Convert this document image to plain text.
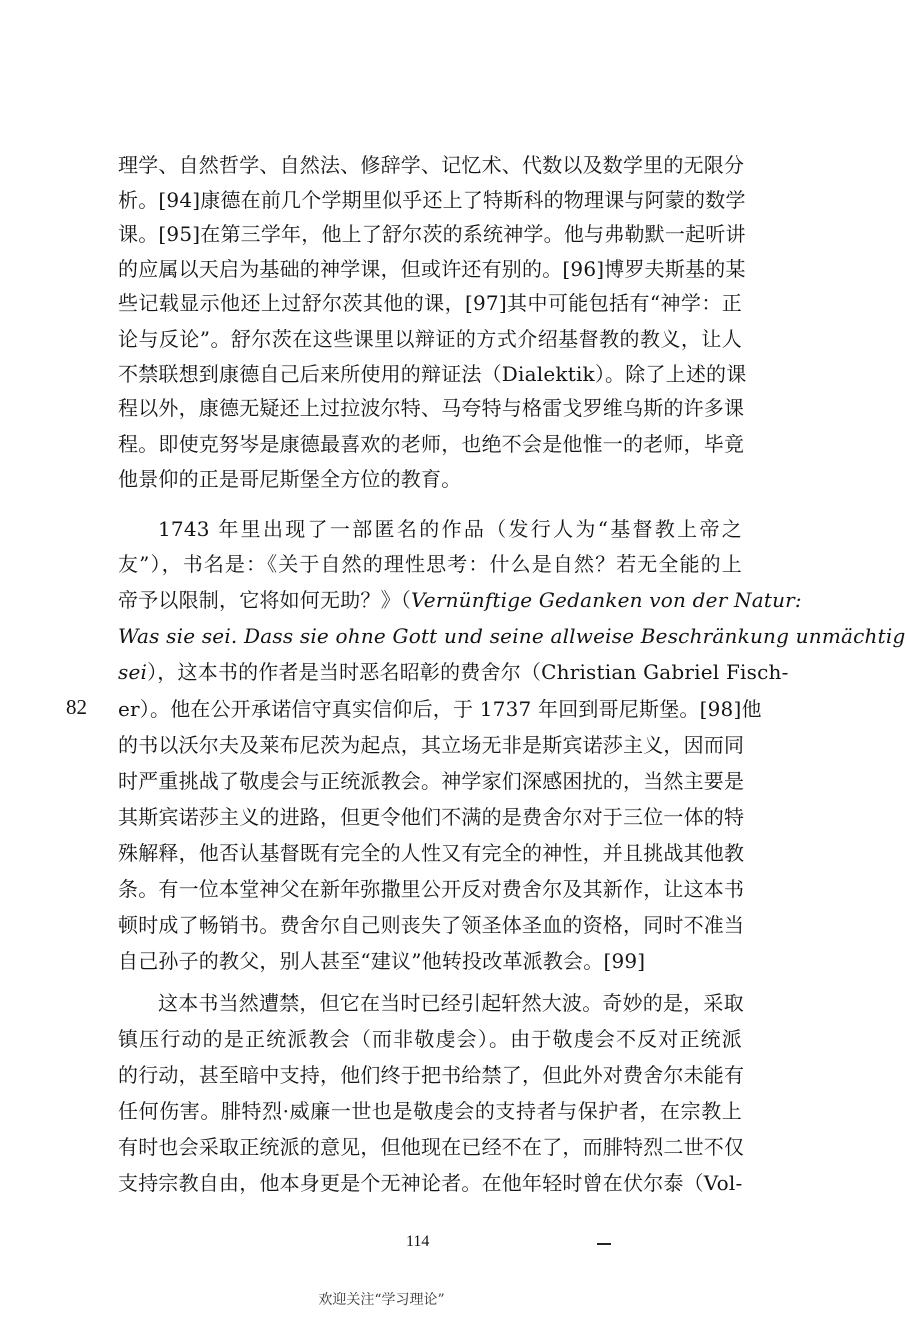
理学、自然哲学、自然法、修辞学、记忆术、代数以及数学里的无限分
析。[94]康德在前几个学期里似乎还上了特斯科的物理课与阿蒙的数学
课。[95]在第三学年，他上了舒尔茨的系统神学。他与弗勒默一起听讲
的应属以天启为基础的神学课，但或许还有别的。[96]博罗夫斯基的某
些记载显示他还上过舒尔茨其他的课，[97]其中可能包括有“神学：正
论与反论”。舒尔茨在这些课里以辩证的方式介绍基督教的教义，让人
不禁联想到康德自己后来所使用的辩证法（Dialektik）。除了上述的课
程以外，康德无疑还上过拉波尔特、马夸特与格雷戈罗维乌斯的许多课
程。即使克努岑是康德最喜欢的老师，也绝不会是他惟一的老师，毕竟
他景仰的正是哥尼斯堡全方位的教育。
1743 年里出现了一部匿名的作品（发行人为“基督教上帝之
友”），书名是：《关于自然的理性思考：什么是自然？若无全能的上
帝予以限制，它将如何无助？》（Vernünftige Gedanken von der Natur:
Was sie sei. Dass sie ohne Gott und seine allweise Beschränkung unmächtig
sei），这本书的作者是当时恶名昭彰的费舍尔（Christian Gabriel Fisch-
er）。他在公开承诺信守真实信仰后，于 1737 年回到哥尼斯堡。[98]他
的书以沃尔夫及莱布尼茨为起点，其立场无非是斯宾诺莎主义，因而同
时严重挑战了敬虔会与正统派教会。神学家们深感困扰的，当然主要是
其斯宾诺莎主义的进路，但更令他们不满的是费舍尔对于三位一体的特
殊解释，他否认基督既有完全的人性又有完全的神性，并且挑战其他教
条。有一位本堂神父在新年弥撒里公开反对费舍尔及其新作，让这本书
顿时成了畅销书。费舍尔自己则丧失了领圣体圣血的资格，同时不准当
自己孙子的教父，别人甚至“建议”他转投改革派教会。[99]
这本书当然遭禁，但它在当时已经引起轩然大波。奇妙的是，采取
镇压行动的是正统派教会（而非敬虔会）。由于敬虔会不反对正统派
的行动，甚至暗中支持，他们终于把书给禁了，但此外对费舍尔未能有
任何伤害。腓特烈·威廉一世也是敬虔会的支持者与保护者，在宗教上
有时也会采取正统派的意见，但他现在已经不在了，而腓特烈二世不仅
支持宗教自由，他本身更是个无神论者。在他年轻时曾在伏尔泰（Vol-
82
114
欢迎关注“学习理论”
